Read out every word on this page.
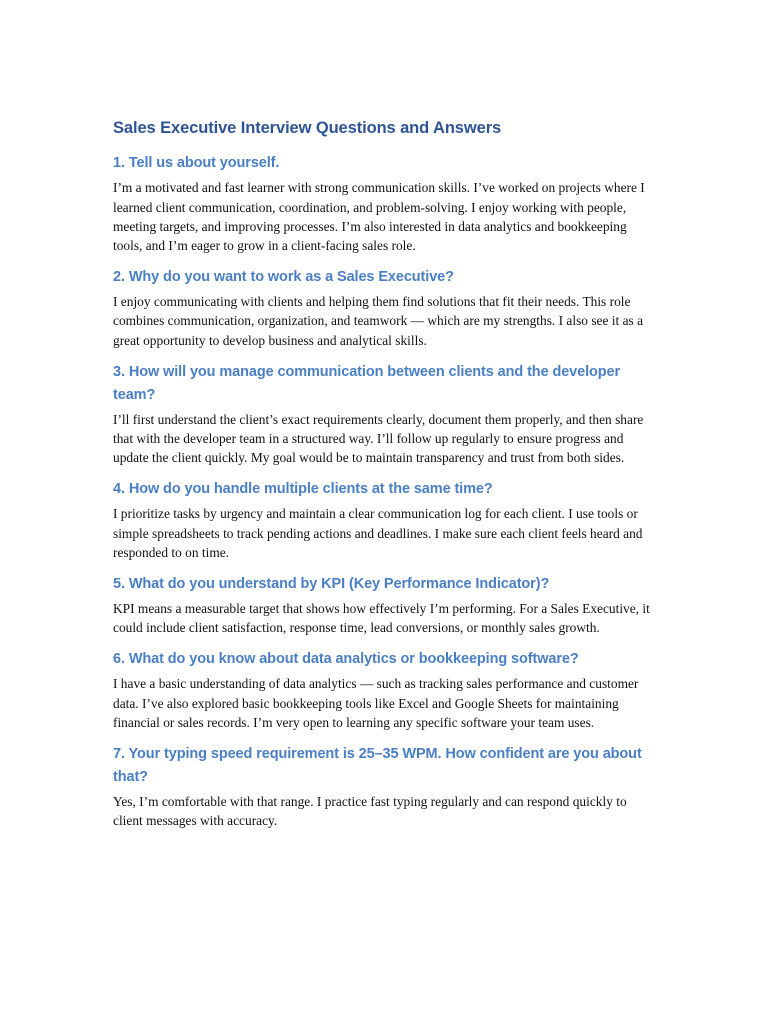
Sales Executive Interview Questions and Answers
1. Tell us about yourself.

I’m a motivated and fast learner with strong communication skills. I’ve worked on projects where I learned client communication, coordination, and problem-solving. I enjoy working with people, meeting targets, and improving processes. I’m also interested in data analytics and bookkeeping tools, and I’m eager to grow in a client-facing sales role.

2. Why do you want to work as a Sales Executive?

I enjoy communicating with clients and helping them find solutions that fit their needs. This role combines communication, organization, and teamwork — which are my strengths. I also see it as a great opportunity to develop business and analytical skills.

3. How will you manage communication between clients and the developer team?

I’ll first understand the client’s exact requirements clearly, document them properly, and then share that with the developer team in a structured way. I’ll follow up regularly to ensure progress and update the client quickly. My goal would be to maintain transparency and trust from both sides.

4. How do you handle multiple clients at the same time?

I prioritize tasks by urgency and maintain a clear communication log for each client. I use tools or simple spreadsheets to track pending actions and deadlines. I make sure each client feels heard and responded to on time.

5. What do you understand by KPI (Key Performance Indicator)?

KPI means a measurable target that shows how effectively I’m performing. For a Sales Executive, it could include client satisfaction, response time, lead conversions, or monthly sales growth.

6. What do you know about data analytics or bookkeeping software?

I have a basic understanding of data analytics — such as tracking sales performance and customer data. I’ve also explored basic bookkeeping tools like Excel and Google Sheets for maintaining financial or sales records. I’m very open to learning any specific software your team uses.

7. Your typing speed requirement is 25–35 WPM. How confident are you about that?

Yes, I’m comfortable with that range. I practice fast typing regularly and can respond quickly to client messages with accuracy.
